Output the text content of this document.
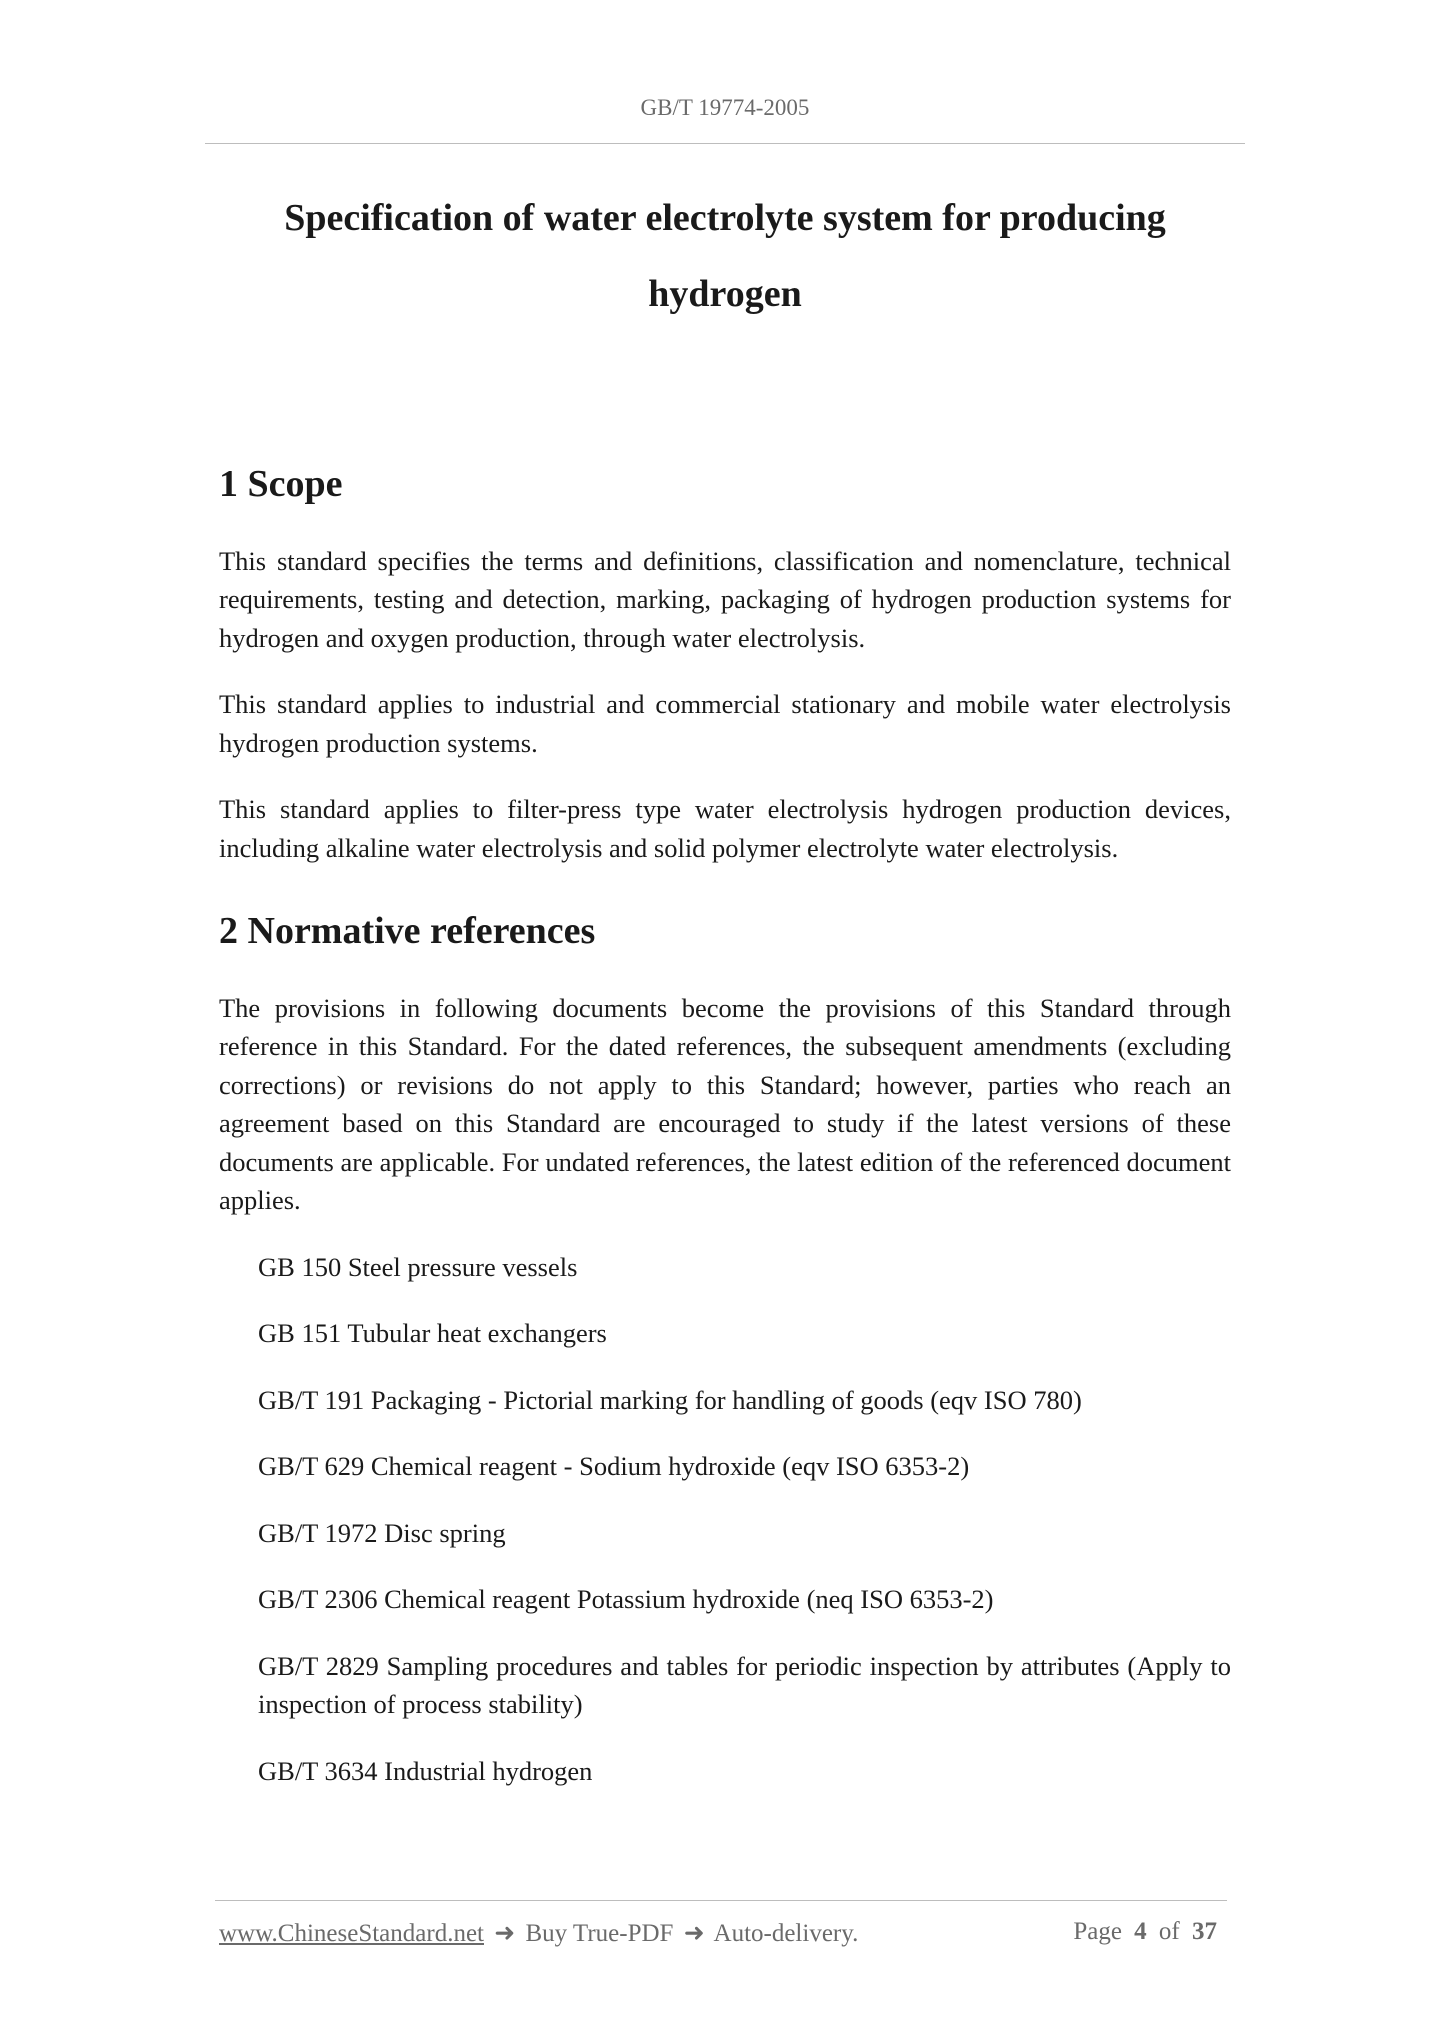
GB/T 19774-2005
Specification of water electrolyte system for producing
hydrogen
1 Scope

This standard specifies the terms and definitions, classification and nomenclature, technical requirements, testing and detection, marking, packaging of hydrogen production systems for hydrogen and oxygen production, through water electrolysis.

This standard applies to industrial and commercial stationary and mobile water electrolysis hydrogen production systems.

This standard applies to filter-press type water electrolysis hydrogen production devices, including alkaline water electrolysis and solid polymer electrolyte water electrolysis.

2 Normative references

The provisions in following documents become the provisions of this Standard through reference in this Standard. For the dated references, the subsequent amendments (excluding corrections) or revisions do not apply to this Standard; however, parties who reach an agreement based on this Standard are encouraged to study if the latest versions of these documents are applicable. For undated references, the latest edition of the referenced document applies.

GB 150 Steel pressure vessels
GB 151 Tubular heat exchangers
GB/T 191 Packaging - Pictorial marking for handling of goods (eqv ISO 780)
GB/T 629 Chemical reagent - Sodium hydroxide (eqv ISO 6353-2)
GB/T 1972 Disc spring
GB/T 2306 Chemical reagent Potassium hydroxide (neq ISO 6353-2)
GB/T 2829 Sampling procedures and tables for periodic inspection by attributes (Apply to inspection of process stability)
GB/T 3634 Industrial hydrogen
www.ChineseStandard.net ➜ Buy True-PDF ➜ Auto-delivery.	Page 4 of 37
